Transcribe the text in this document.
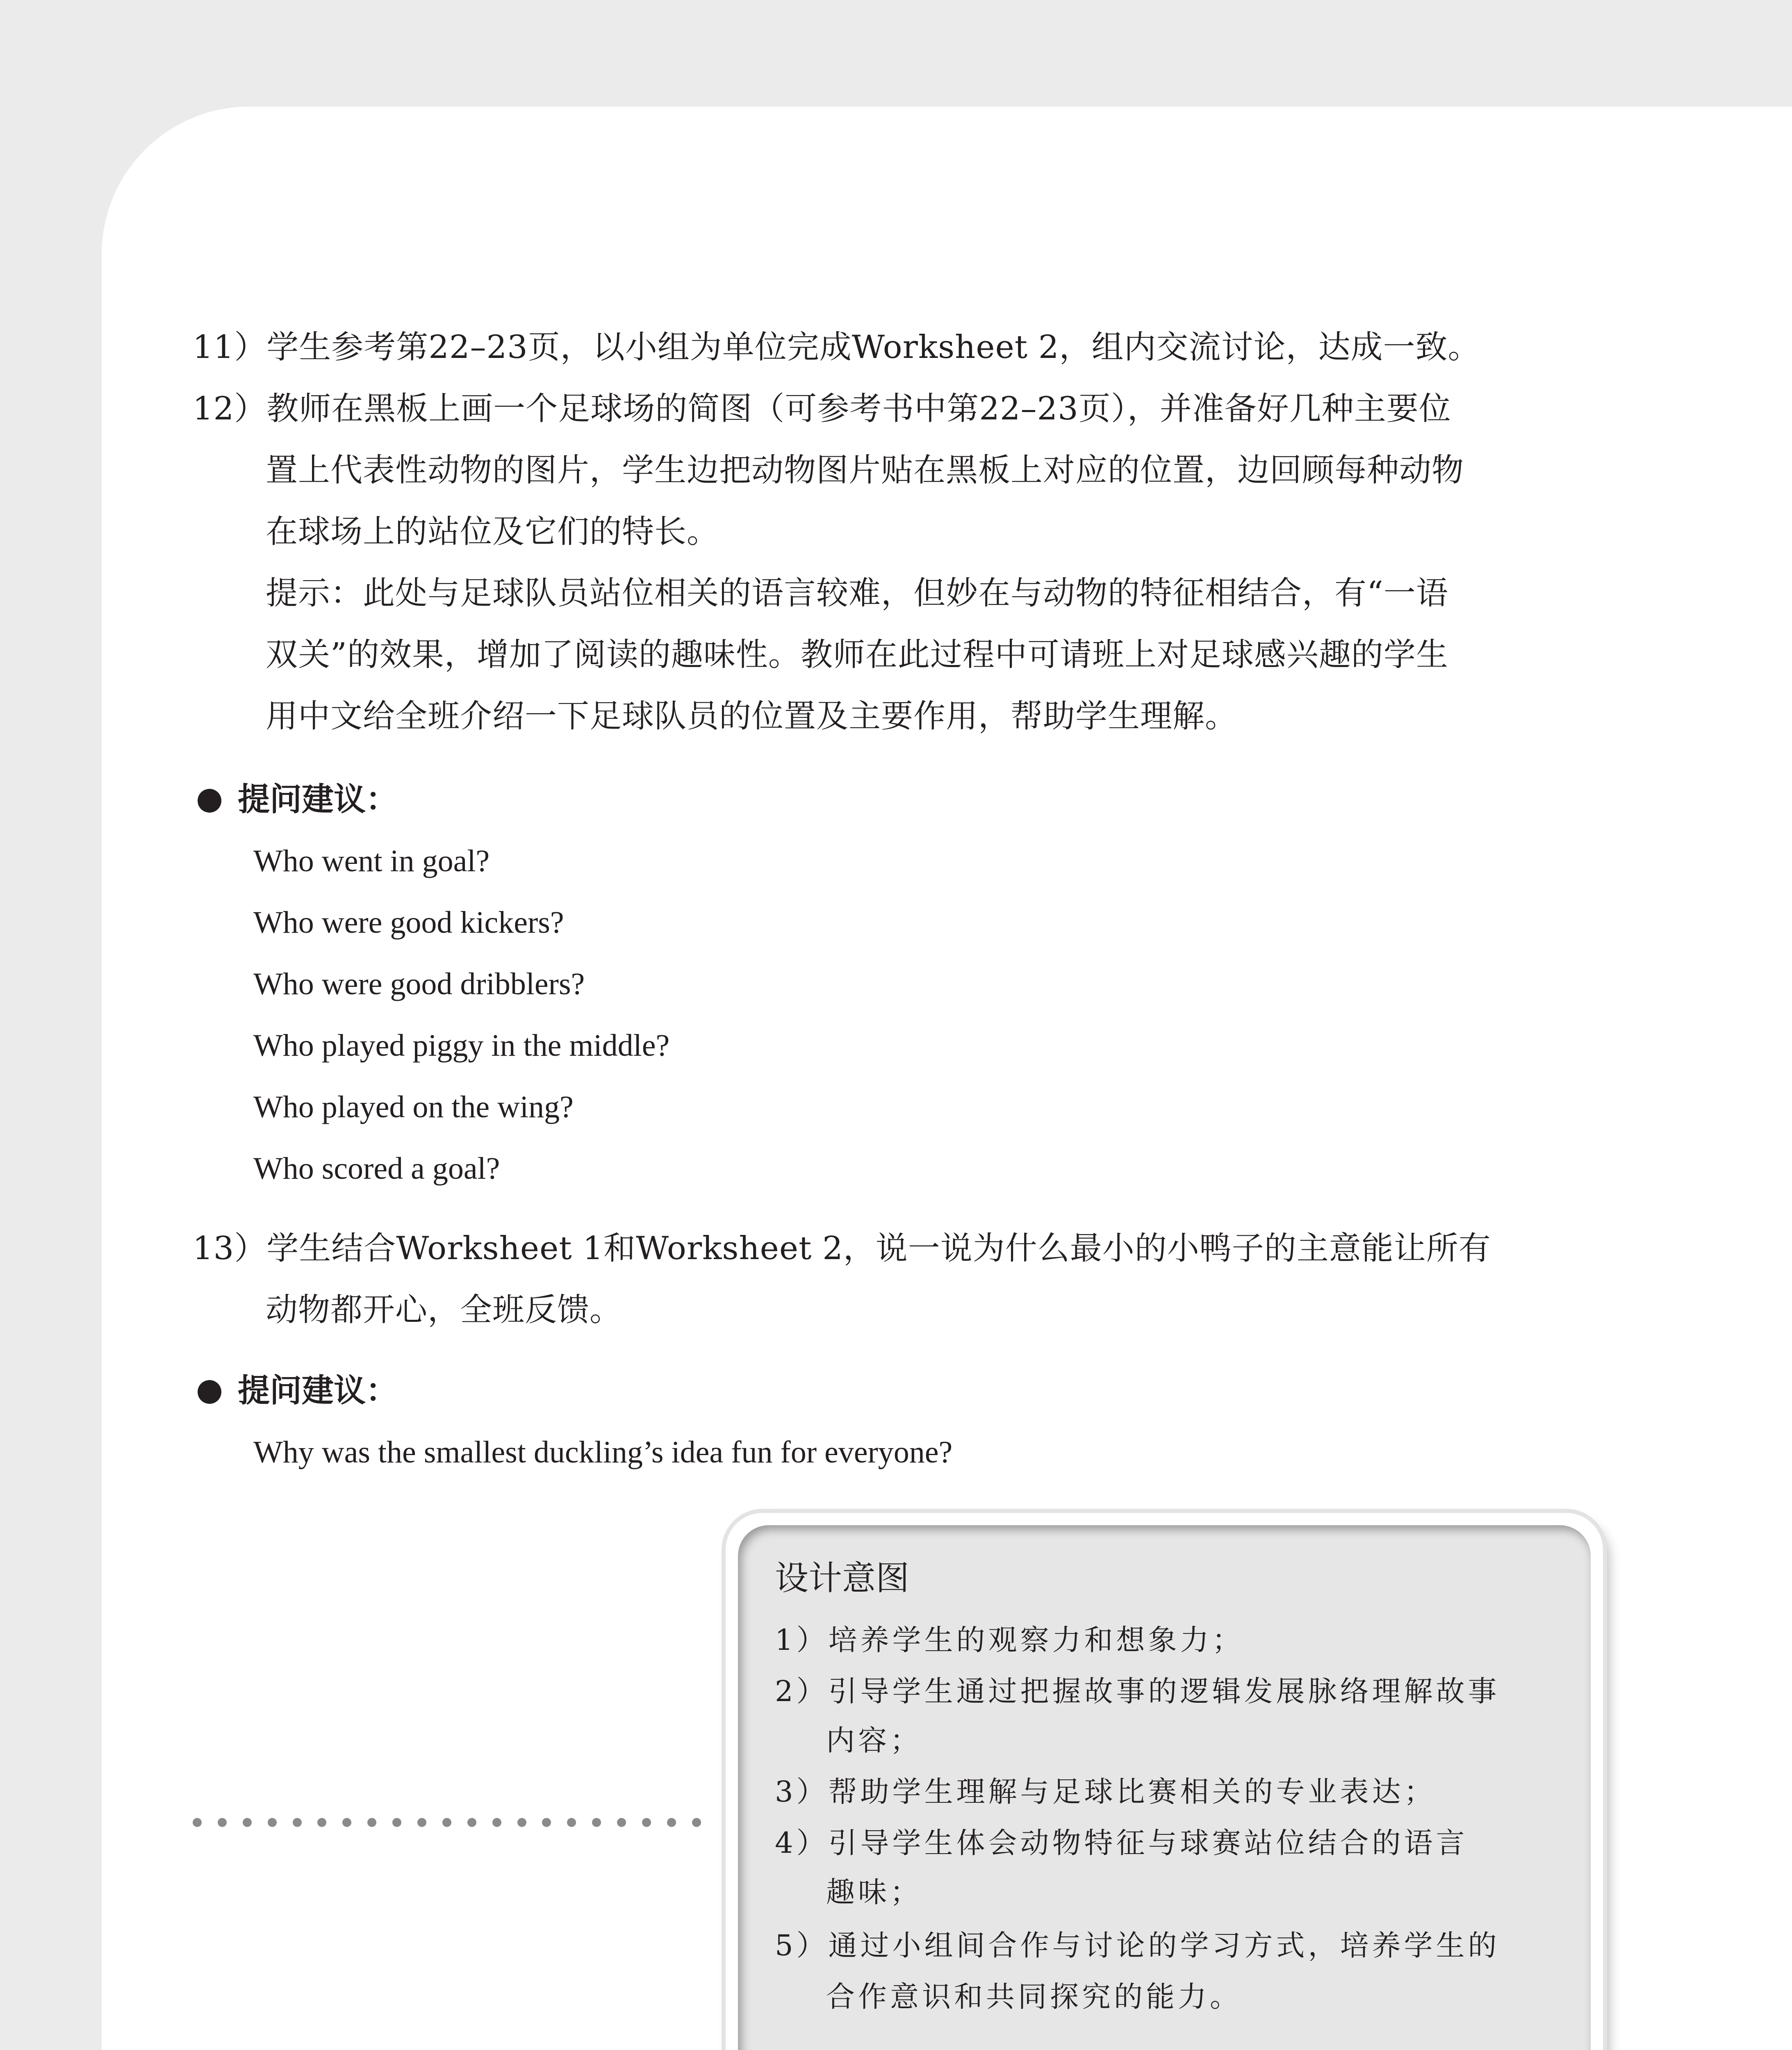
11）学生参考第22–23页，以小组为单位完成Worksheet 2，组内交流讨论，达成一致。
12）教师在黑板上画一个足球场的简图（可参考书中第22–23页），并准备好几种主要位
置上代表性动物的图片，学生边把动物图片贴在黑板上对应的位置，边回顾每种动物
在球场上的站位及它们的特长。
提示：此处与足球队员站位相关的语言较难，但妙在与动物的特征相结合，有“一语
双关”的效果，增加了阅读的趣味性。教师在此过程中可请班上对足球感兴趣的学生
用中文给全班介绍一下足球队员的位置及主要作用，帮助学生理解。
提问建议：
Who went in goal?
Who were good kickers?
Who were good dribblers?
Who played piggy in the middle?
Who played on the wing?
Who scored a goal?
13）学生结合Worksheet 1和Worksheet 2，说一说为什么最小的小鸭子的主意能让所有
动物都开心，全班反馈。
提问建议：
Why was the smallest duckling’s idea fun for everyone?
设计意图
1）培养学生的观察力和想象力；
2）引导学生通过把握故事的逻辑发展脉络理解故事
内容；
3）帮助学生理解与足球比赛相关的专业表达；
4）引导学生体会动物特征与球赛站位结合的语言
趣味；
5）通过小组间合作与讨论的学习方式，培养学生的
合作意识和共同探究的能力。
